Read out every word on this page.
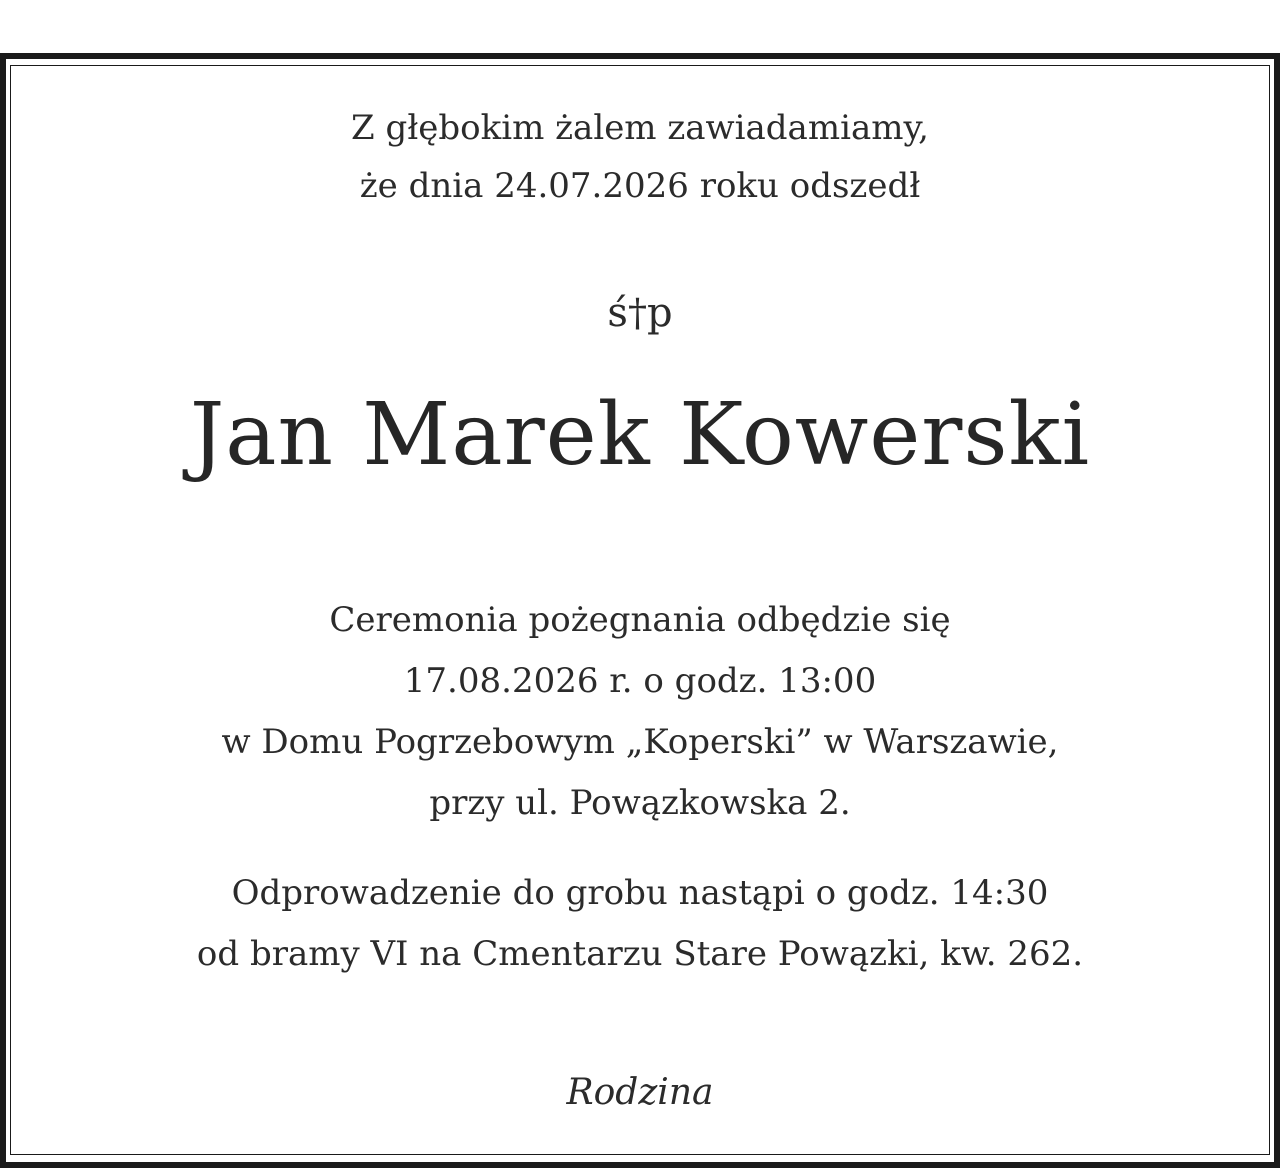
Z głębokim żalem zawiadamiamy,
że dnia 24.07.2026 roku odszedł
ś†p
Jan Marek Kowerski
Ceremonia pożegnania odbędzie się
17.08.2026 r. o godz. 13:00
w Domu Pogrzebowym „Koperski” w Warszawie,
przy ul. Powązkowska 2.
Odprowadzenie do grobu nastąpi o godz. 14:30
od bramy VI na Cmentarzu Stare Powązki, kw. 262.
Rodzina
